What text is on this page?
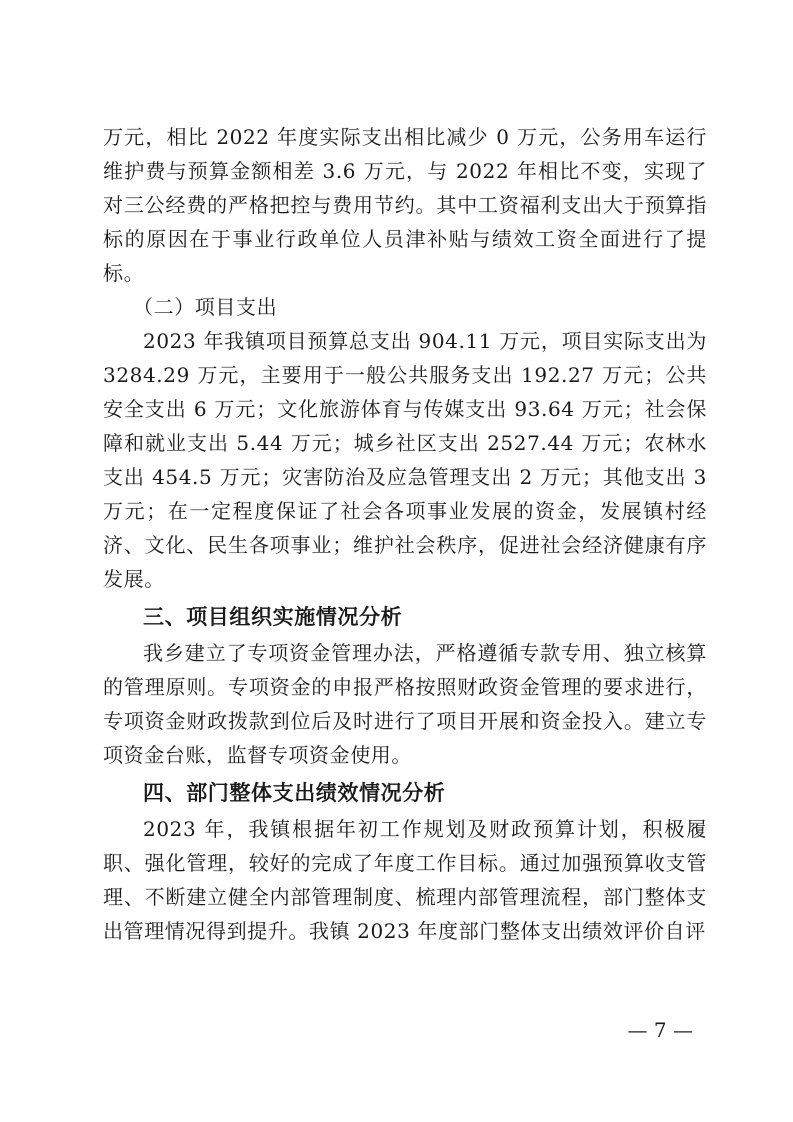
万元，相比 2022 年度实际支出相比减少 0 万元，公务用车运行维护费与预算金额相差 3.6 万元，与 2022 年相比不变，实现了对三公经费的严格把控与费用节约。其中工资福利支出大于预算指标的原因在于事业行政单位人员津补贴与绩效工资全面进行了提标。

（二）项目支出

2023 年我镇项目预算总支出 904.11 万元，项目实际支出为 3284.29 万元，主要用于一般公共服务支出 192.27 万元；公共安全支出 6 万元；文化旅游体育与传媒支出 93.64 万元；社会保障和就业支出 5.44 万元；城乡社区支出 2527.44 万元；农林水支出 454.5 万元；灾害防治及应急管理支出 2 万元；其他支出 3 万元；在一定程度保证了社会各项事业发展的资金，发展镇村经济、文化、民生各项事业；维护社会秩序，促进社会经济健康有序发展。

三、项目组织实施情况分析

我乡建立了专项资金管理办法，严格遵循专款专用、独立核算的管理原则。专项资金的申报严格按照财政资金管理的要求进行，专项资金财政拨款到位后及时进行了项目开展和资金投入。建立专项资金台账，监督专项资金使用。

四、部门整体支出绩效情况分析

2023 年，我镇根据年初工作规划及财政预算计划，积极履职、强化管理，较好的完成了年度工作目标。通过加强预算收支管理、不断建立健全内部管理制度、梳理内部管理流程，部门整体支出管理情况得到提升。我镇 2023 年度部门整体支出绩效评价自评

— 7 —
